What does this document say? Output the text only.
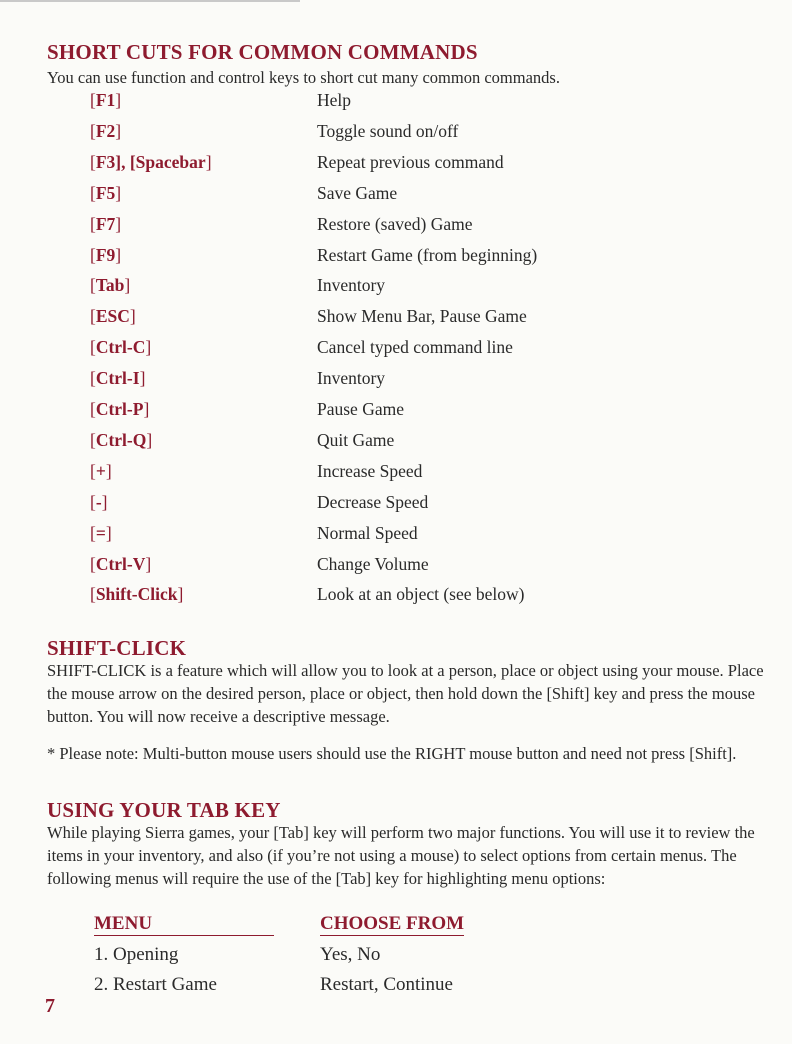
SHORT CUTS FOR COMMON COMMANDS

You can use function and control keys to short cut many common commands.

[F1]	Help
[F2]	Toggle sound on/off
[F3], [Spacebar]	Repeat previous command
[F5]	Save Game
[F7]	Restore (saved) Game
[F9]	Restart Game (from beginning)
[Tab]	Inventory
[ESC]	Show Menu Bar, Pause Game
[Ctrl-C]	Cancel typed command line
[Ctrl-I]	Inventory
[Ctrl-P]	Pause Game
[Ctrl-Q]	Quit Game
[+]	Increase Speed
[-]	Decrease Speed
[=]	Normal Speed
[Ctrl-V]	Change Volume
[Shift-Click]	Look at an object (see below)
SHIFT-CLICK

SHIFT-CLICK is a feature which will allow you to look at a person, place or object using your mouse. Place the mouse arrow on the desired person, place or object, then hold down the [Shift] key and press the mouse button. You will now receive a descriptive message.

* Please note: Multi-button mouse users should use the RIGHT mouse button and need not press [Shift].

USING YOUR TAB KEY

While playing Sierra games, your [Tab] key will perform two major functions. You will use it to review the items in your inventory, and also (if you’re not using a mouse) to select options from certain menus. The following menus will require the use of the [Tab] key for highlighting menu options:

MENU	CHOOSE FROM
1. Opening	Yes, No
2. Restart Game	Restart, Continue
7
